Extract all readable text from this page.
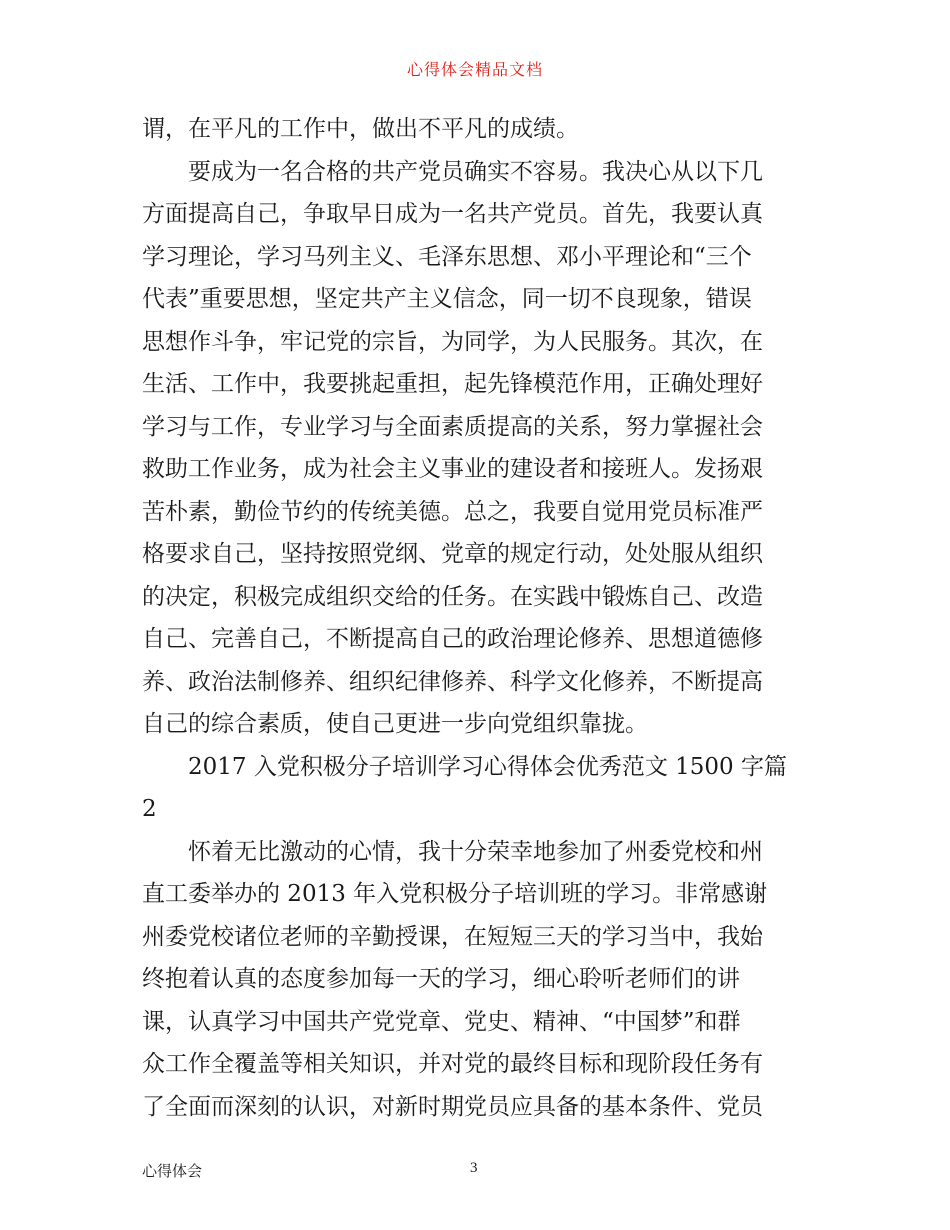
心得体会精品文档
谓，在平凡的工作中，做出不平凡的成绩。
要成为一名合格的共产党员确实不容易。我决心从以下几
方面提高自己，争取早日成为一名共产党员。首先，我要认真
学习理论，学习马列主义、毛泽东思想、邓小平理论和“三个
代表”重要思想，坚定共产主义信念，同一切不良现象，错误
思想作斗争，牢记党的宗旨，为同学，为人民服务。其次，在
生活、工作中，我要挑起重担，起先锋模范作用，正确处理好
学习与工作，专业学习与全面素质提高的关系，努力掌握社会
救助工作业务，成为社会主义事业的建设者和接班人。发扬艰
苦朴素，勤俭节约的传统美德。总之，我要自觉用党员标准严
格要求自己，坚持按照党纲、党章的规定行动，处处服从组织
的决定，积极完成组织交给的任务。在实践中锻炼自己、改造
自己、完善自己，不断提高自己的政治理论修养、思想道德修
养、政治法制修养、组织纪律修养、科学文化修养，不断提高
自己的综合素质，使自己更进一步向党组织靠拢。
2017 入党积极分子培训学习心得体会优秀范文 1500 字篇
2
怀着无比激动的心情，我十分荣幸地参加了州委党校和州
直工委举办的 2013 年入党积极分子培训班的学习。非常感谢
州委党校诸位老师的辛勤授课，在短短三天的学习当中，我始
终抱着认真的态度参加每一天的学习，细心聆听老师们的讲
课，认真学习中国共产党党章、党史、精神、“中国梦”和群
众工作全覆盖等相关知识，并对党的最终目标和现阶段任务有
了全面而深刻的认识，对新时期党员应具备的基本条件、党员
心得体会	3
